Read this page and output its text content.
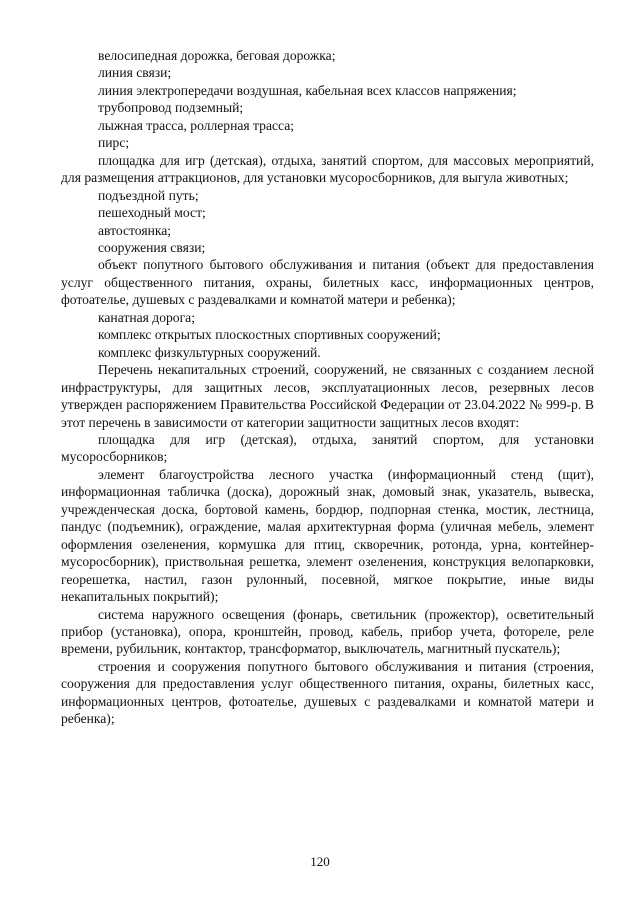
велосипедная дорожка, беговая дорожка;

линия связи;

линия электропередачи воздушная, кабельная всех классов напряжения;

трубопровод подземный;

лыжная трасса, роллерная трасса;

пирс;

площадка для игр (детская), отдыха, занятий спортом, для массовых мероприятий, для размещения аттракционов, для установки мусоросборников, для выгула животных;

подъездной путь;

пешеходный мост;

автостоянка;

сооружения связи;

объект попутного бытового обслуживания и питания (объект для предоставления услуг общественного питания, охраны, билетных касс, информационных центров, фотоателье, душевых с раздевалками и комнатой матери и ребенка);

канатная дорога;

комплекс открытых плоскостных спортивных сооружений;

комплекс физкультурных сооружений.

Перечень некапитальных строений, сооружений, не связанных с созданием лесной инфраструктуры, для защитных лесов, эксплуатационных лесов, резервных лесов утвержден распоряжением Правительства Российской Федерации от 23.04.2022 № 999-р. В этот перечень в зависимости от категории защитности защитных лесов входят:

площадка для игр (детская), отдыха, занятий спортом, для установки мусоросборников;

элемент благоустройства лесного участка (информационный стенд (щит), информационная табличка (доска), дорожный знак, домовый знак, указатель, вывеска, учрежденческая доска, бортовой камень, бордюр, подпорная стенка, мостик, лестница, пандус (подъемник), ограждение, малая архитектурная форма (уличная мебель, элемент оформления озеленения, кормушка для птиц, скворечник, ротонда, урна, контейнер-мусоросборник), приствольная решетка, элемент озеленения, конструкция велопарковки, георешетка, настил, газон рулонный, посевной, мягкое покрытие, иные виды некапитальных покрытий);

система наружного освещения (фонарь, светильник (прожектор), осветительный прибор (установка), опора, кронштейн, провод, кабель, прибор учета, фотореле, реле времени, рубильник, контактор, трансформатор, выключатель, магнитный пускатель);

строения и сооружения попутного бытового обслуживания и питания (строения, сооружения для предоставления услуг общественного питания, охраны, билетных касс, информационных центров, фотоателье, душевых с раздевалками и комнатой матери и ребенка);

120
